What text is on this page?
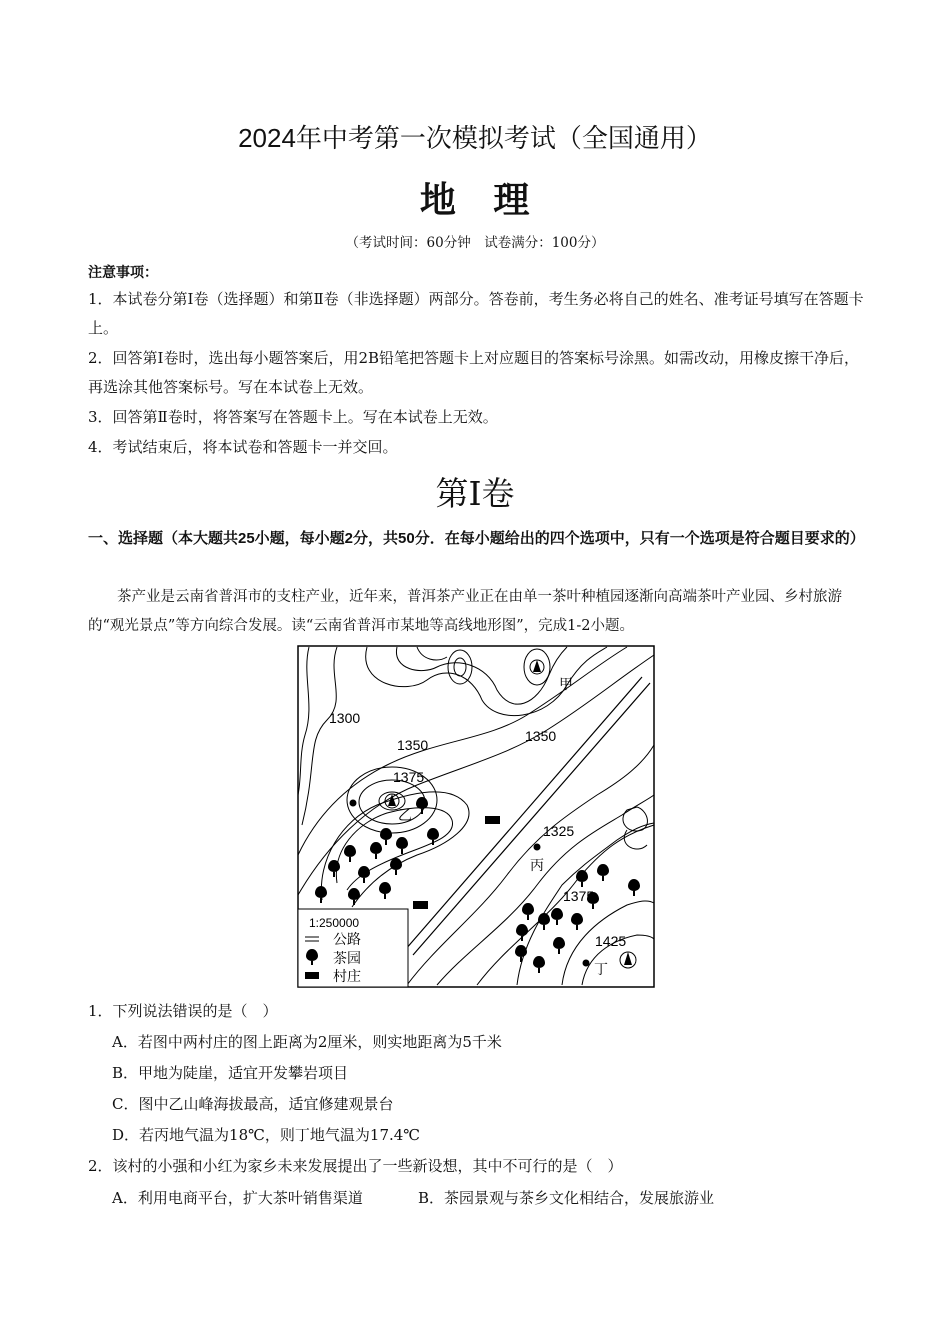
2024年中考第一次模拟考试（全国通用）
地　理
（考试时间：60分钟　试卷满分：100分）
注意事项：
1．本试卷分第Ⅰ卷（选择题）和第Ⅱ卷（非选择题）两部分。答卷前，考生务必将自己的姓名、准考证号填写在答题卡上。
2．回答第Ⅰ卷时，选出每小题答案后，用2B铅笔把答题卡上对应题目的答案标号涂黑。如需改动，用橡皮擦干净后，再选涂其他答案标号。写在本试卷上无效。
3．回答第Ⅱ卷时，将答案写在答题卡上。写在本试卷上无效。
4．考试结束后，将本试卷和答题卡一并交回。
第Ⅰ卷
一、选择题（本大题共25小题，每小题2分，共50分．在每小题给出的四个选项中，只有一个选项是符合题目要求的）
茶产业是云南省普洱市的支柱产业，近年来，普洱茶产业正在由单一茶叶种植园逐渐向高端茶叶产业园、乡村旅游的“观光景点”等方向综合发展。读“云南省普洱市某地等高线地形图”，完成1-2小题。
1300
1350
1350
1375
1325
1375
1425
甲
乙
丙
丁
1:250000
公路
茶园
村庄
1．下列说法错误的是（　）
A．若图中两村庄的图上距离为2厘米，则实地距离为5千米
B．甲地为陡崖，适宜开发攀岩项目
C．图中乙山峰海拔最高，适宜修建观景台
D．若丙地气温为18℃，则丁地气温为17.4℃
2．该村的小强和小红为家乡未来发展提出了一些新设想，其中不可行的是（　）
A．利用电商平台，扩大茶叶销售渠道	B．茶园景观与茶乡文化相结合，发展旅游业
